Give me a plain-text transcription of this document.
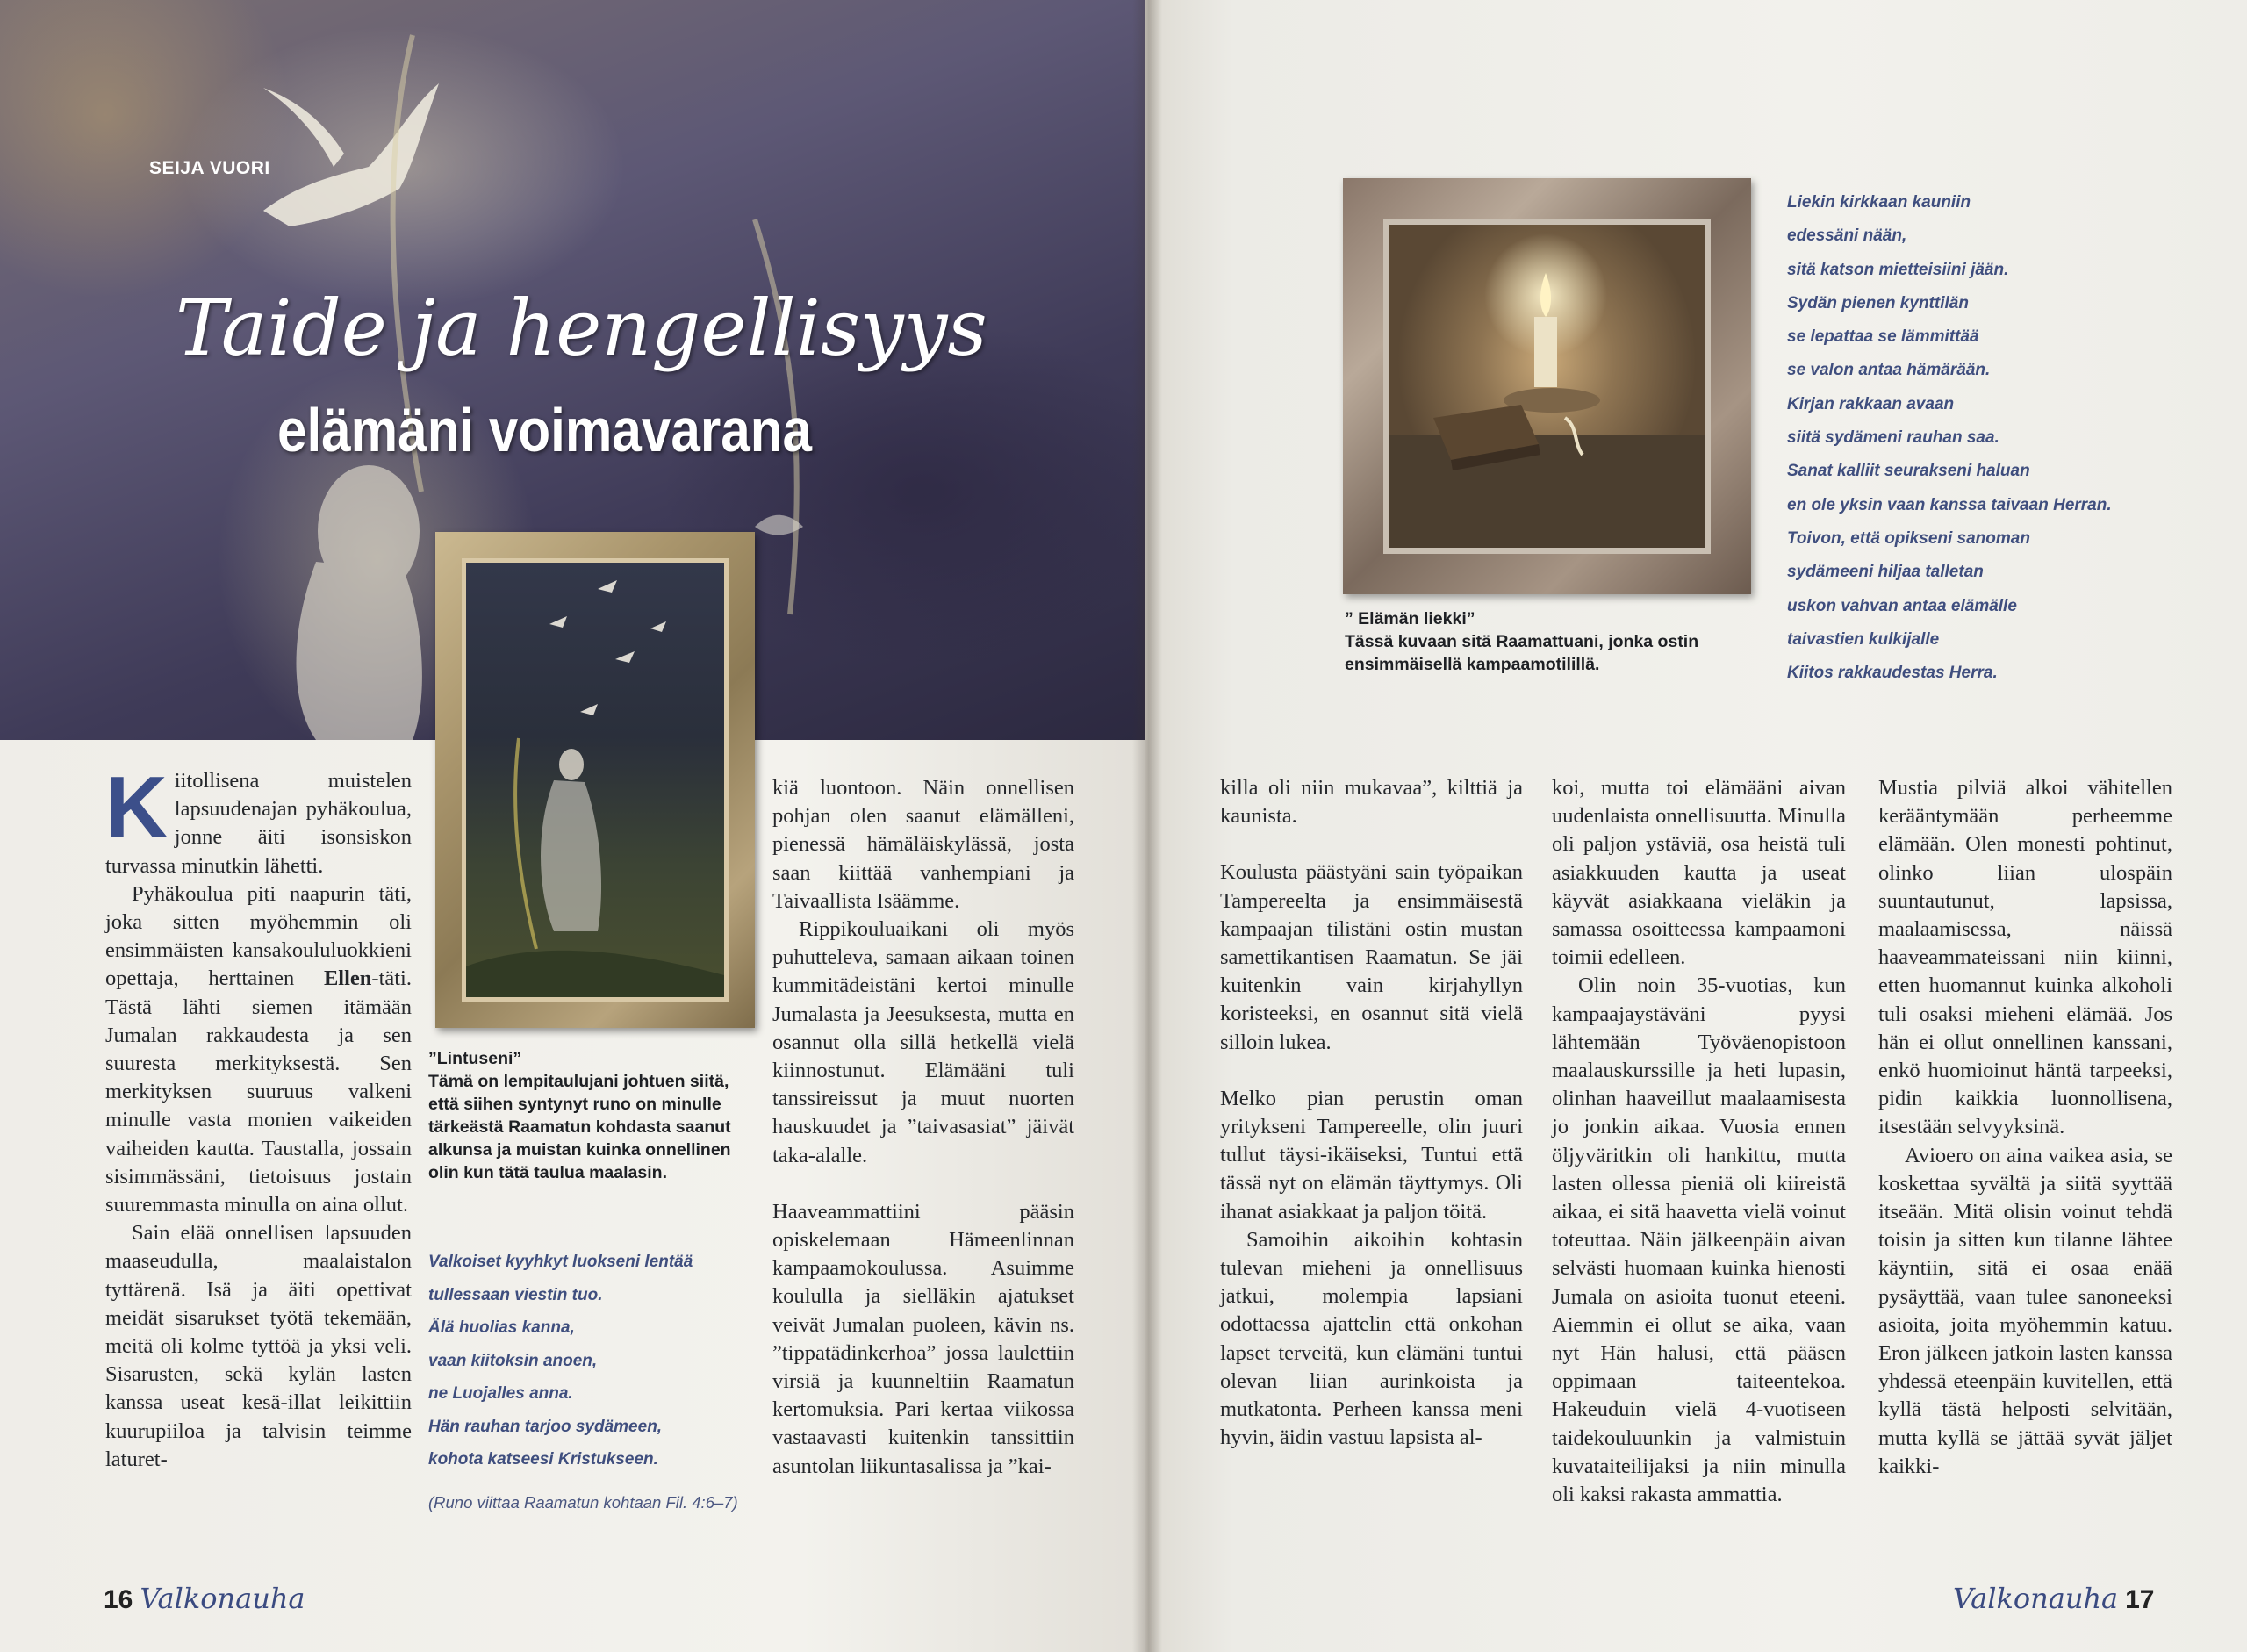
SEIJA VUORI
Taide ja hengellisyys
elämäni voimavarana
”Lintuseni”
Tämä on lempitaulujani johtuen siitä, että siihen syntynyt runo on minulle tärkeästä Raamatun kohdasta saanut alkunsa ja muistan kuinka onnellinen olin kun tätä taulua maalasin.
Valkoiset kyyhkyt luokseni lentää
tullessaan viestin tuo.
Älä huolias kanna,
vaan kiitoksin anoen,
ne Luojalles anna.
Hän rauhan tarjoo sydämeen,
kohota katseesi Kristukseen.
(Runo viittaa Raamatun kohtaan Fil. 4:6–7)

Kiitollisena muistelen lapsuudenajan pyhäkoulua, jonne äiti isonsiskon turvassa minutkin lähetti.

Pyhäkoulua piti naapurin täti, joka sitten myöhemmin oli ensimmäisten kansakoululuokkieni opettaja, herttainen Ellen-täti. Tästä lähti siemen itämään Jumalan rakkaudesta ja sen suuresta merkityksestä. Sen merkityksen suuruus valkeni minulle vasta monien vaikeiden vaiheiden kautta. Taustalla, jossain sisimmässäni, tietoisuus jostain suuremmasta minulla on aina ollut.

Sain elää onnellisen lapsuuden maaseudulla, maalaistalon tyttärenä. Isä ja äiti opettivat meidät sisarukset työtä tekemään, meitä oli kolme tyttöä ja yksi veli. Sisarusten, sekä kylän lasten kanssa useat kesä-illat leikittiin kuurupiiloa ja talvisin teimme laturet-

kiä luontoon. Näin onnellisen pohjan olen saanut elämälleni, pienessä hämäläiskylässä, josta saan kiittää vanhempiani ja Taivaallista Isäämme.

Rippikouluaikani oli myös puhutteleva, samaan aikaan toinen kummitädeistäni kertoi minulle Jumalasta ja Jeesuksesta, mutta en osannut olla sillä hetkellä vielä kiinnostunut. Elämääni tuli tanssireissut ja muut nuorten hauskuudet ja ”taivasasiat” jäivät taka-alalle.

Haaveammattiini pääsin opiskelemaan Hämeenlinnan kampaamokoulussa. Asuimme koululla ja sielläkin ajatukset veivät Jumalan puoleen, kävin ns. ”tippatädinkerhoa” jossa laulettiin virsiä ja kuunneltiin Raamatun kertomuksia. Pari kertaa viikossa vastaavasti kuitenkin tanssittiin asuntolan liikuntasalissa ja ”kai-

16 Valkonauha

killa oli niin mukavaa”, kilttiä ja kaunista.

Koulusta päästyäni sain työpaikan Tampereelta ja ensimmäisestä kampaajan tilistäni ostin mustan samettikantisen Raamatun. Se jäi kuitenkin vain kirjahyllyn koristeeksi, en osannut sitä vielä silloin lukea.

Melko pian perustin oman yritykseni Tampereelle, olin juuri tullut täysi-ikäiseksi, Tuntui että tässä nyt on elämän täyttymys. Oli ihanat asiakkaat ja paljon töitä.

Samoihin aikoihin kohtasin tulevan mieheni ja onnellisuus jatkui, molempia lapsiani odottaessa ajattelin että onkohan lapset terveitä, kun elämäni tuntui olevan liian aurinkoista ja mutkatonta. Perheen kanssa meni hyvin, äidin vastuu lapsista al-

koi, mutta toi elämääni aivan uudenlaista onnellisuutta. Minulla oli paljon ystäviä, osa heistä tuli asiakkuuden kautta ja useat käyvät asiakkaana vieläkin ja samassa osoitteessa kampaamoni toimii edelleen.

Olin noin 35-vuotias, kun kampaajaystäväni pyysi lähtemään Työväenopistoon maalauskurssille ja heti lupasin, olinhan haaveillut maalaamisesta jo jonkin aikaa. Vuosia ennen öljyväritkin oli hankittu, mutta lasten ollessa pieniä oli kiireistä aikaa, ei sitä haavetta vielä voinut toteuttaa. Näin jälkeenpäin aivan selvästi huomaan kuinka hienosti Jumala on asioita tuonut eteeni. Aiemmin ei ollut se aika, vaan nyt Hän halusi, että pääsen oppimaan taiteentekoa. Hakeuduin vielä 4-vuotiseen taidekouluunkin ja valmistuin kuvataiteilijaksi ja niin minulla oli kaksi rakasta ammattia.

Mustia pilviä alkoi vähitellen kerääntymään perheemme elämään. Olen monesti pohtinut, olinko liian ulospäin suuntautunut, lapsissa, maalaamisessa, näissä haaveammateissani niin kiinni, etten huomannut kuinka alkoholi tuli osaksi mieheni elämää. Jos hän ei ollut onnellinen kanssani, enkö huomioinut häntä tarpeeksi, pidin kaikkia luonnollisena, itsestään selvyyksinä.

Avioero on aina vaikea asia, se koskettaa syvältä ja siitä syyttää itseään. Mitä olisin voinut tehdä toisin ja sitten kun tilanne lähtee käyntiin, sitä ei osaa enää pysäyttää, vaan tulee sanoneeksi asioita, joita myöhemmin katuu. Eron jälkeen jatkoin lasten kanssa yhdessä eteenpäin kuvitellen, että kyllä tästä helposti selvitään, mutta kyllä se jättää syvät jäljet kaikki-

Valkonauha 17
” Elämän liekki”
Tässä kuvaan sitä Raamattuani, jonka ostin ensimmäisellä kampaamotilillä.
Liekin kirkkaan kauniin
edessäni nään,
sitä katson mietteisiini jään.
Sydän pienen kynttilän
se lepattaa se lämmittää
se valon antaa hämärään.
Kirjan rakkaan avaan
siitä sydämeni rauhan saa.
Sanat kalliit seurakseni haluan
en ole yksin vaan kanssa taivaan Herran.
Toivon, että opikseni sanoman
sydämeeni hiljaa talletan
uskon vahvan antaa elämälle
taivastien kulkijalle
Kiitos rakkaudestas Herra.
